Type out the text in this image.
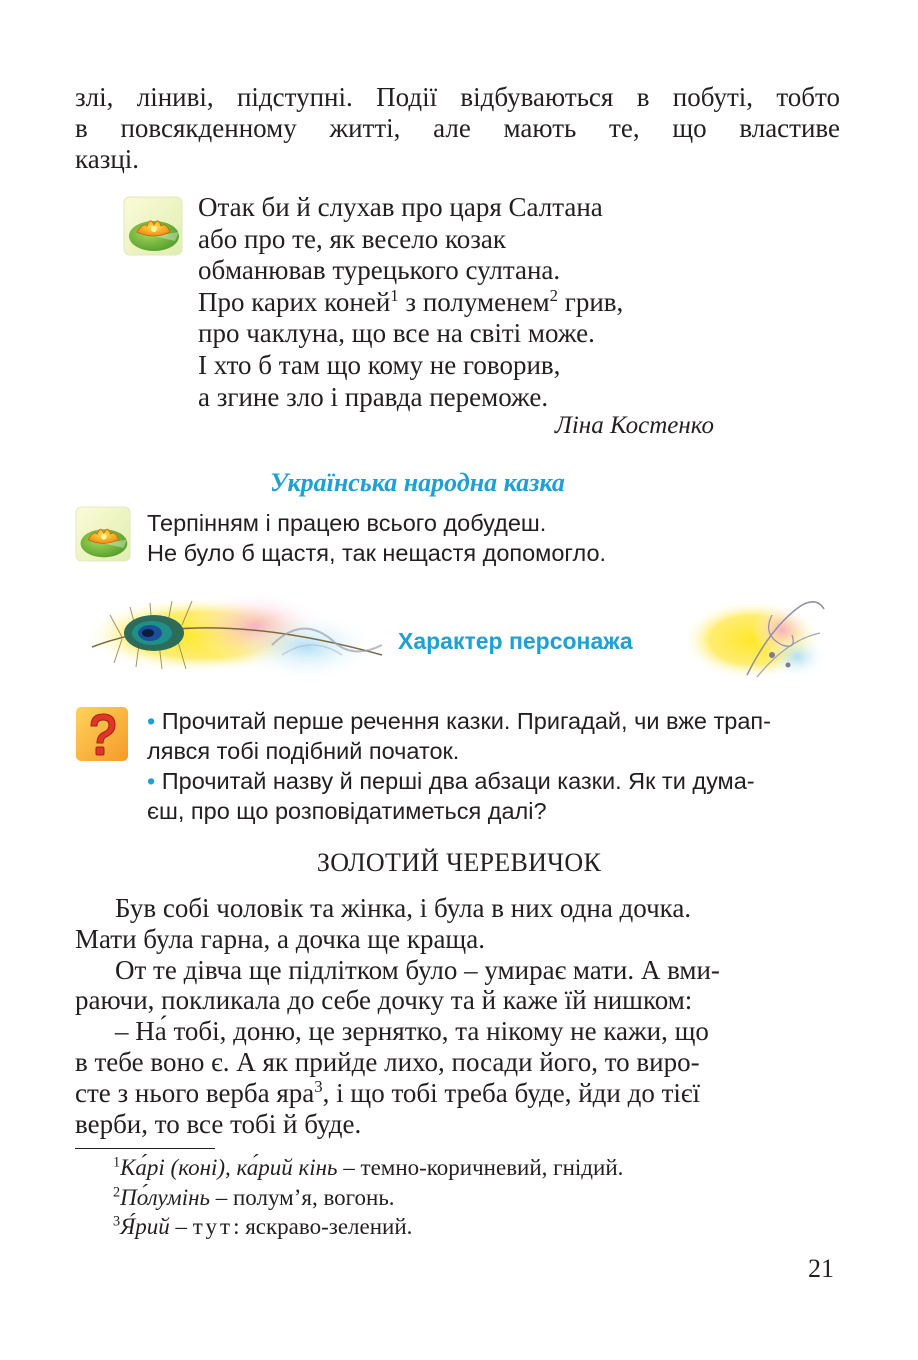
злі, ліниві, підступні. Події відбуваються в побуті, тобто
в повсякденному житті, але мають те, що властиве
казці.
Отак би й слухав про царя Салтана
або про те, як весело козак
обманював турецького султана.
Про карих коней$^1$ з полуменем$^2$ грив,
про чаклуна, що все на світі може.
І хто б там що кому не говорив,
а згине зло і правда переможе.
Ліна Костенко
Українська народна казка
Терпінням і працею всього добудеш.
Не було б щастя, так нещастя допомогло.
Характер персонажа
• Прочитай перше речення казки. Пригадай, чи вже трап-
лявся тобі подібний початок.
• Прочитай назву й перші два абзаци казки. Як ти дума-
єш, про що розповідатиметься далі?
ЗОЛОТИЙ ЧЕРЕВИЧОК
Був собі чоловік та жінка, і була в них одна дочка.
Мати була гарна, а дочка ще краща.
От те дівча ще підлітком було – умирає мати. А вми-
раючи, покликала до себе дочку та й каже їй нишком:
– На́ тобі, доню, це зернятко, та нікому не кажи, що
в тебе воно є. А як прийде лихо, посади його, то виро-
сте з нього верба яра$^3$, і що тобі треба буде, йди до тієї
верби, то все тобі й буде.
$^1$Ка́рі (коні), ка́рий кінь – темно-коричневий, гнідий.
$^2$По́лумінь – полум’я, вогонь.
$^3$Я́рий – тут: яскраво-зелений.
21
